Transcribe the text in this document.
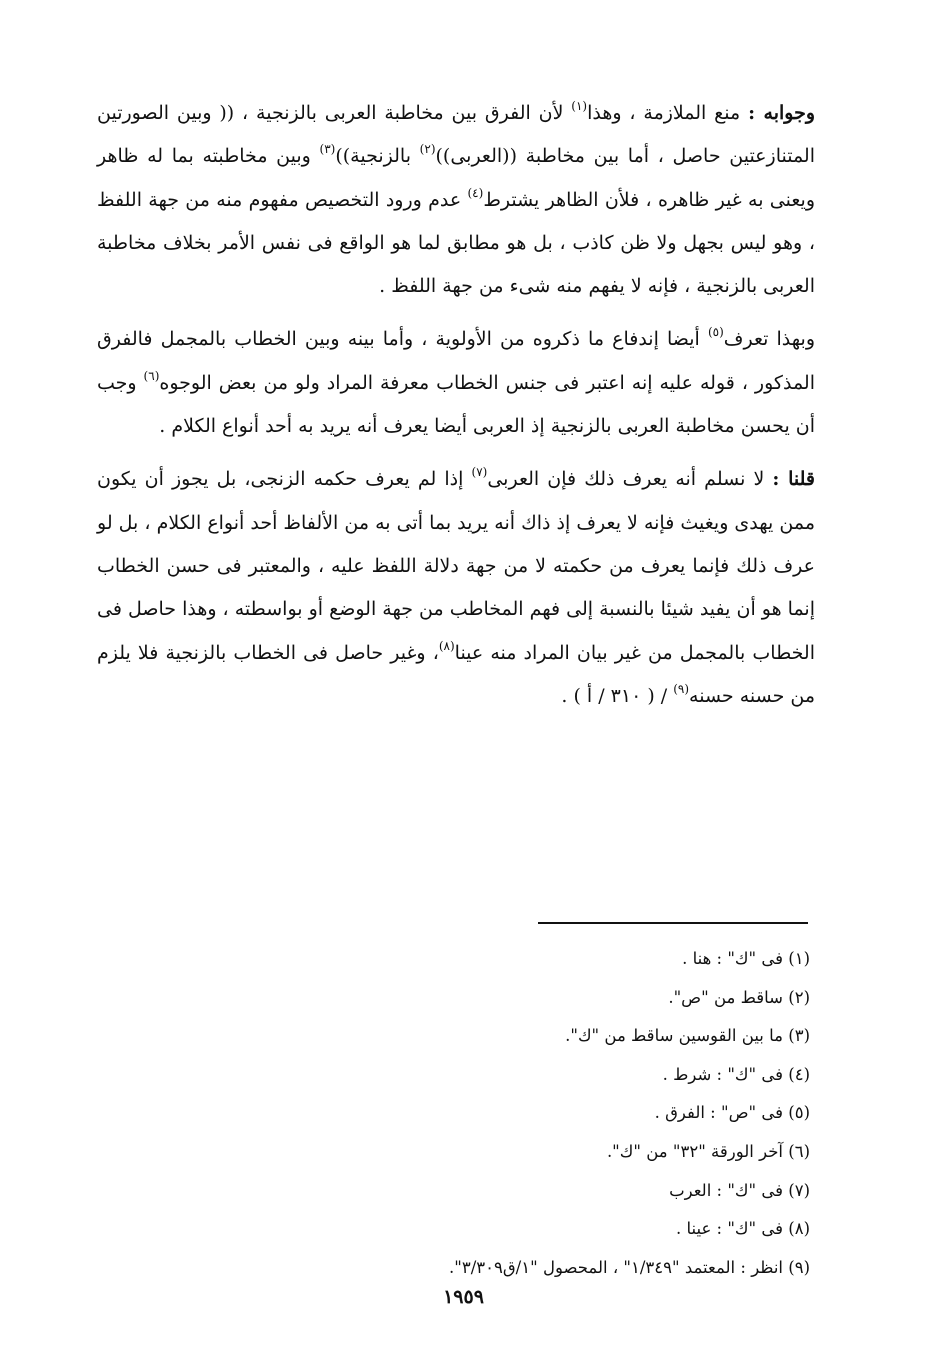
وجوابه : منع الملازمة ، وهذا$^{(١)}$ لأن الفرق بين مخاطبة العربى بالزنجية ، (( وبين الصورتين المتنازعتين حاصل ، أما بين مخاطبة ((العربى))$^{(٢)}$ بالزنجية))$^{(٣)}$ وبين مخاطبته بما له ظاهر ويعنى به غير ظاهره ، فلأن الظاهر يشترط$^{(٤)}$ عدم ورود التخصيص مفهوم منه من جهة اللفظ ، وهو ليس بجهل ولا ظن كاذب ، بل هو مطابق لما هو الواقع فى نفس الأمر بخلاف مخاطبة العربى بالزنجية ، فإنه لا يفهم منه شىء من جهة اللفظ .

وبهذا تعرف$^{(٥)}$ أيضا إندفاع ما ذكروه من الأولوية ، وأما بينه وبين الخطاب بالمجمل فالفرق المذكور ، قوله عليه إنه اعتبر فى جنس الخطاب معرفة المراد ولو من بعض الوجوه$^{(٦)}$ وجب أن يحسن مخاطبة العربى بالزنجية إذ العربى أيضا يعرف أنه يريد به أحد أنواع الكلام .

قلنا : لا نسلم أنه يعرف ذلك فإن العربى$^{(٧)}$ إذا لم يعرف حكمه الزنجى، بل يجوز أن يكون ممن يهدى ويغيث فإنه لا يعرف إذ ذاك أنه يريد بما أتى به من الألفاظ أحد أنواع الكلام ، بل لو عرف ذلك فإنما يعرف من حكمته لا من جهة دلالة اللفظ عليه ، والمعتبر فى حسن الخطاب إنما هو أن يفيد شيئا بالنسبة إلى فهم المخاطب من جهة الوضع أو بواسطته ، وهذا حاصل فى الخطاب بالمجمل من غير بيان المراد منه عينا$^{(٨)}$، وغير حاصل فى الخطاب بالزنجية فلا يلزم من حسنه حسنه$^{(٩)}$ / ( ٣١٠ / أ ) .

(١) فى "ك" : هنا .
(٢) ساقط من "ص".
(٣) ما بين القوسين ساقط من "ك".
(٤) فى "ك" : شرط .
(٥) فى "ص" : الفرق .
(٦) آخر الورقة "٣٢" من "ك".
(٧) فى "ك" : العرب
(٨) فى "ك" : عينا .
(٩) انظر : المعتمد "١/٣٤٩" ، المحصول "١/ق٣/٣٠٩".
١٩٥٩
